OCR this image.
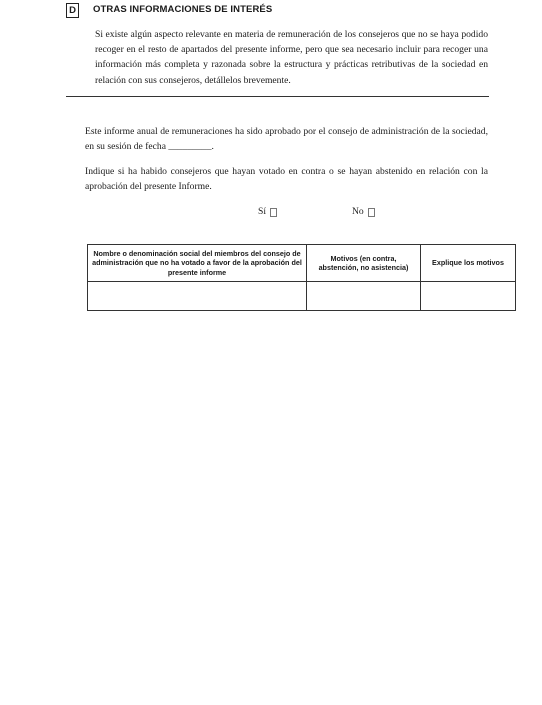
D	OTRAS INFORMACIONES DE INTERÉS

Si existe algún aspecto relevante en materia de remuneración de los consejeros que no se haya podido recoger en el resto de apartados del presente informe, pero que sea necesario incluir para recoger una información más completa y razonada sobre la estructura y prácticas retributivas de la sociedad en relación con sus consejeros, detállelos brevemente.

Este informe anual de remuneraciones ha sido aprobado por el consejo de administración de la sociedad, en su sesión de fecha _________.

Indique si ha habido consejeros que hayan votado en contra o se hayan abstenido en relación con la aprobación del presente Informe.

Sí	No
Nombre o denominación social del miembros del consejo de administración que no ha votado a favor de la aprobación del presente informe	Motivos (en contra, abstención, no asistencia)	Explique los motivos
